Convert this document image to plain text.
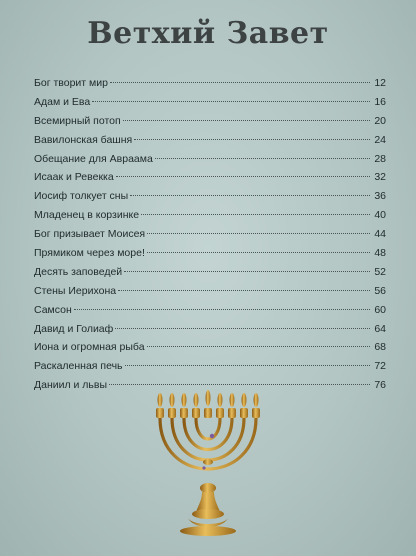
Ветхий Завет
Бог творит мир	12
Адам и Ева	16
Всемирный потоп	20
Вавилонская башня	24
Обещание для Авраама	28
Исаак и Ревекка	32
Иосиф толкует сны	36
Младенец в корзинке	40
Бог призывает Моисея	44
Прямиком через море!	48
Десять заповедей	52
Стены Иерихона	56
Самсон	60
Давид и Голиаф	64
Иона и огромная рыба	68
Раскаленная печь	72
Даниил и львы	76
